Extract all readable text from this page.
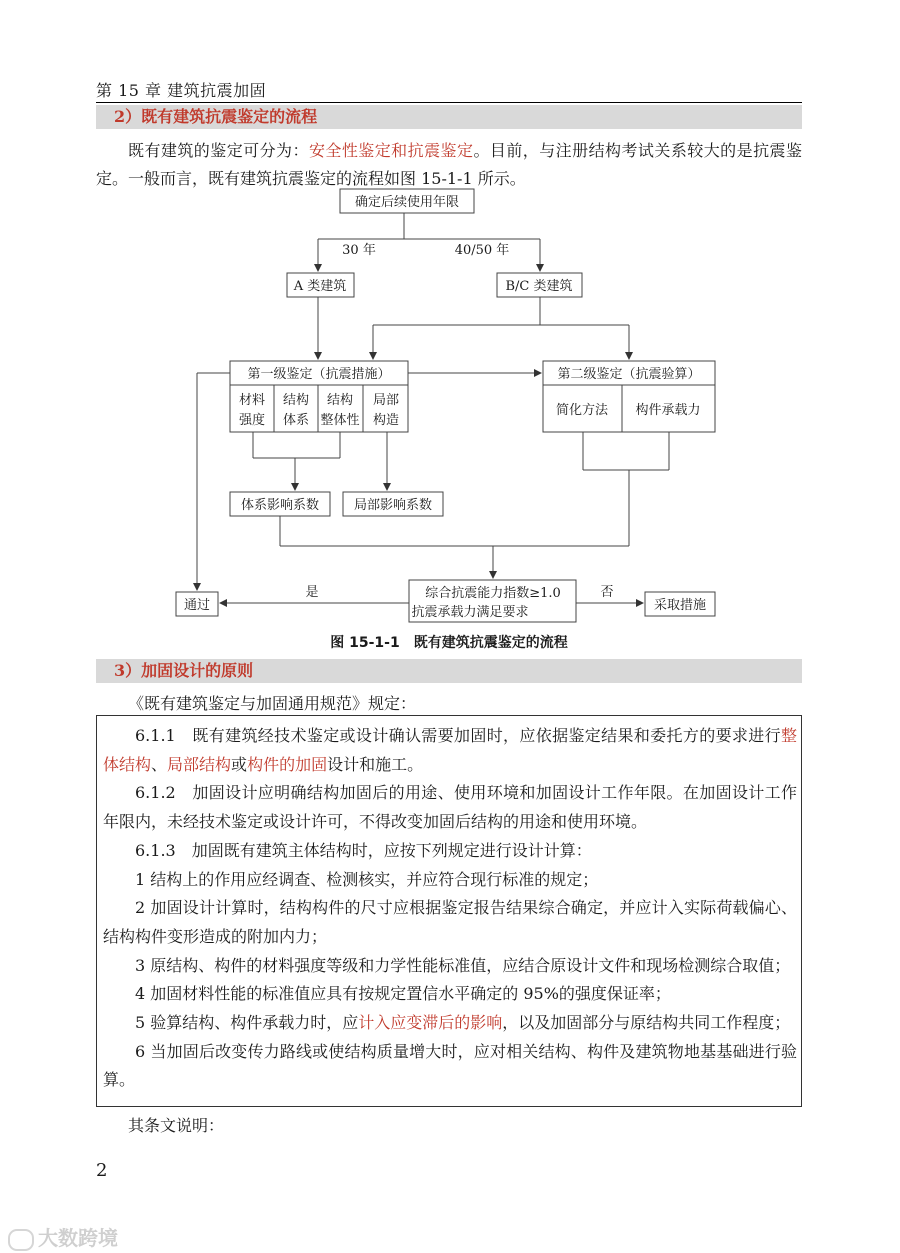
第 15 章 建筑抗震加固
2）既有建筑抗震鉴定的流程
既有建筑的鉴定可分为：安全性鉴定和抗震鉴定。目前，与注册结构考试关系较大的是抗震鉴定。一般而言，既有建筑抗震鉴定的流程如图 15-1-1 所示。
确定后续使用年限
30 年	40/50 年
A 类建筑	B/C 类建筑
第一级鉴定（抗震措施）
材料
强度
结构
体系
结构
整体性
局部
构造
第二级鉴定（抗震验算）
简化方法 构件承载力
体系影响系数	局部影响系数
综合抗震能力指数≥1.0
抗震承载力满足要求
是	否
通过	采取措施
图 15-1-1　既有建筑抗震鉴定的流程
3）加固设计的原则
《既有建筑鉴定与加固通用规范》规定：

6.1.1　既有建筑经技术鉴定或设计确认需要加固时，应依据鉴定结果和委托方的要求进行整体结构、局部结构或构件的加固设计和施工。

6.1.2　加固设计应明确结构加固后的用途、使用环境和加固设计工作年限。在加固设计工作年限内，未经技术鉴定或设计许可，不得改变加固后结构的用途和使用环境。

6.1.3　加固既有建筑主体结构时，应按下列规定进行设计计算：

1 结构上的作用应经调查、检测核实，并应符合现行标准的规定；

2 加固设计计算时，结构构件的尺寸应根据鉴定报告结果综合确定，并应计入实际荷载偏心、结构构件变形造成的附加内力；

3 原结构、构件的材料强度等级和力学性能标准值，应结合原设计文件和现场检测综合取值；

4 加固材料性能的标准值应具有按规定置信水平确定的 95%的强度保证率；

5 验算结构、构件承载力时，应计入应变滞后的影响，以及加固部分与原结构共同工作程度；

6 当加固后改变传力路线或使结构质量增大时，应对相关结构、构件及建筑物地基基础进行验算。

其条文说明：
2
大数跨境
